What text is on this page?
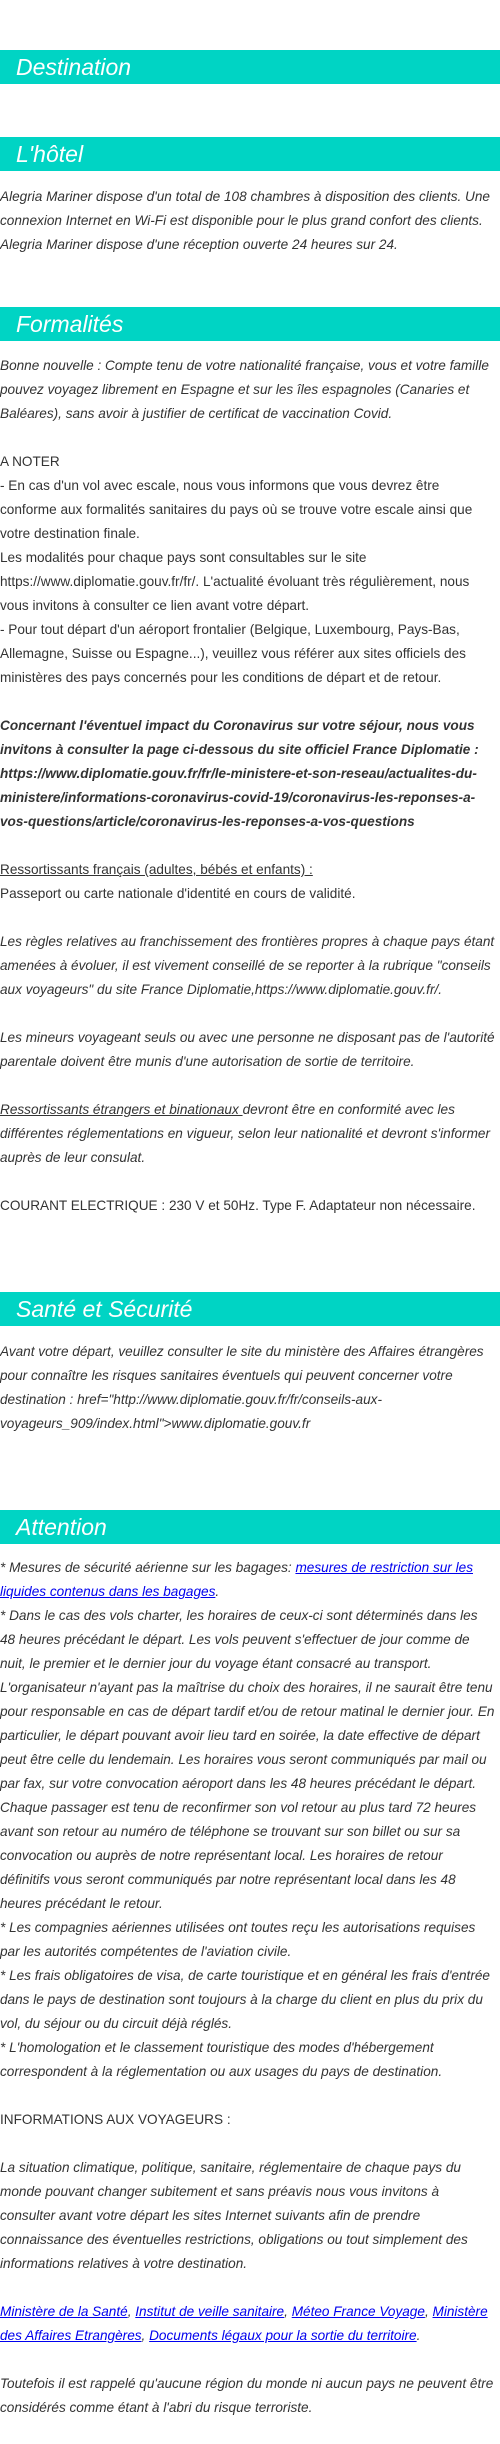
Destination
L'hôtel

Alegria Mariner dispose d'un total de 108 chambres à disposition des clients. Une connexion Internet en Wi-Fi est disponible pour le plus grand confort des clients. Alegria Mariner dispose d'une réception ouverte 24 heures sur 24.

Formalités

Bonne nouvelle : Compte tenu de votre nationalité française, vous et votre famille pouvez voyagez librement en Espagne et sur les îles espagnoles (Canaries et Baléares), sans avoir à justifier de certificat de vaccination Covid.

A NOTER

- En cas d'un vol avec escale, nous vous informons que vous devrez être conforme aux formalités sanitaires du pays où se trouve votre escale ainsi que votre destination finale.

Les modalités pour chaque pays sont consultables sur le site https://www.diplomatie.gouv.fr/fr/. L'actualité évoluant très régulièrement, nous vous invitons à consulter ce lien avant votre départ.

- Pour tout départ d'un aéroport frontalier (Belgique, Luxembourg, Pays-Bas, Allemagne, Suisse ou Espagne...), veuillez vous référer aux sites officiels des ministères des pays concernés pour les conditions de départ et de retour.

Concernant l'éventuel impact du Coronavirus sur votre séjour, nous vous invitons à consulter la page ci-dessous du site officiel France Diplomatie : https://www.diplomatie.gouv.fr/fr/le-ministere-et-son-reseau/actualites-du-ministere/informations-coronavirus-covid-19/coronavirus-les-reponses-a-vos-questions/article/coronavirus-les-reponses-a-vos-questions

Ressortissants français (adultes, bébés et enfants) :

Passeport ou carte nationale d'identité en cours de validité.

Les règles relatives au franchissement des frontières propres à chaque pays étant amenées à évoluer, il est vivement conseillé de se reporter à la rubrique "conseils aux voyageurs" du site France Diplomatie,https://www.diplomatie.gouv.fr/.

Les mineurs voyageant seuls ou avec une personne ne disposant pas de l'autorité parentale doivent être munis d'une autorisation de sortie de territoire.

Ressortissants étrangers et binationaux devront être en conformité avec les différentes réglementations en vigueur, selon leur nationalité et devront s'informer auprès de leur consulat.

COURANT ELECTRIQUE : 230 V et 50Hz. Type F. Adaptateur non nécessaire.

Santé et Sécurité

Avant votre départ, veuillez consulter le site du ministère des Affaires étrangères pour connaître les risques sanitaires éventuels qui peuvent concerner votre destination : href="http://www.diplomatie.gouv.fr/fr/conseils-aux-voyageurs_909/index.html">www.diplomatie.gouv.fr

Attention

* Mesures de sécurité aérienne sur les bagages: mesures de restriction sur les liquides contenus dans les bagages.

* Dans le cas des vols charter, les horaires de ceux-ci sont déterminés dans les 48 heures précédant le départ. Les vols peuvent s'effectuer de jour comme de nuit, le premier et le dernier jour du voyage étant consacré au transport. L'organisateur n'ayant pas la maîtrise du choix des horaires, il ne saurait être tenu pour responsable en cas de départ tardif et/ou de retour matinal le dernier jour. En particulier, le départ pouvant avoir lieu tard en soirée, la date effective de départ peut être celle du lendemain. Les horaires vous seront communiqués par mail ou par fax, sur votre convocation aéroport dans les 48 heures précédant le départ. Chaque passager est tenu de reconfirmer son vol retour au plus tard 72 heures avant son retour au numéro de téléphone se trouvant sur son billet ou sur sa convocation ou auprès de notre représentant local. Les horaires de retour définitifs vous seront communiqués par notre représentant local dans les 48 heures précédant le retour.

* Les compagnies aériennes utilisées ont toutes reçu les autorisations requises par les autorités compétentes de l'aviation civile.

* Les frais obligatoires de visa, de carte touristique et en général les frais d'entrée dans le pays de destination sont toujours à la charge du client en plus du prix du vol, du séjour ou du circuit déjà réglés.

* L'homologation et le classement touristique des modes d'hébergement correspondent à la réglementation ou aux usages du pays de destination.

INFORMATIONS AUX VOYAGEURS :

La situation climatique, politique, sanitaire, réglementaire de chaque pays du monde pouvant changer subitement et sans préavis nous vous invitons à consulter avant votre départ les sites Internet suivants afin de prendre connaissance des éventuelles restrictions, obligations ou tout simplement des informations relatives à votre destination.

Ministère de la Santé, Institut de veille sanitaire, Méteo France Voyage, Ministère des Affaires Etrangères, Documents légaux pour la sortie du territoire.

Toutefois il est rappelé qu'aucune région du monde ni aucun pays ne peuvent être considérés comme étant à l'abri du risque terroriste.
